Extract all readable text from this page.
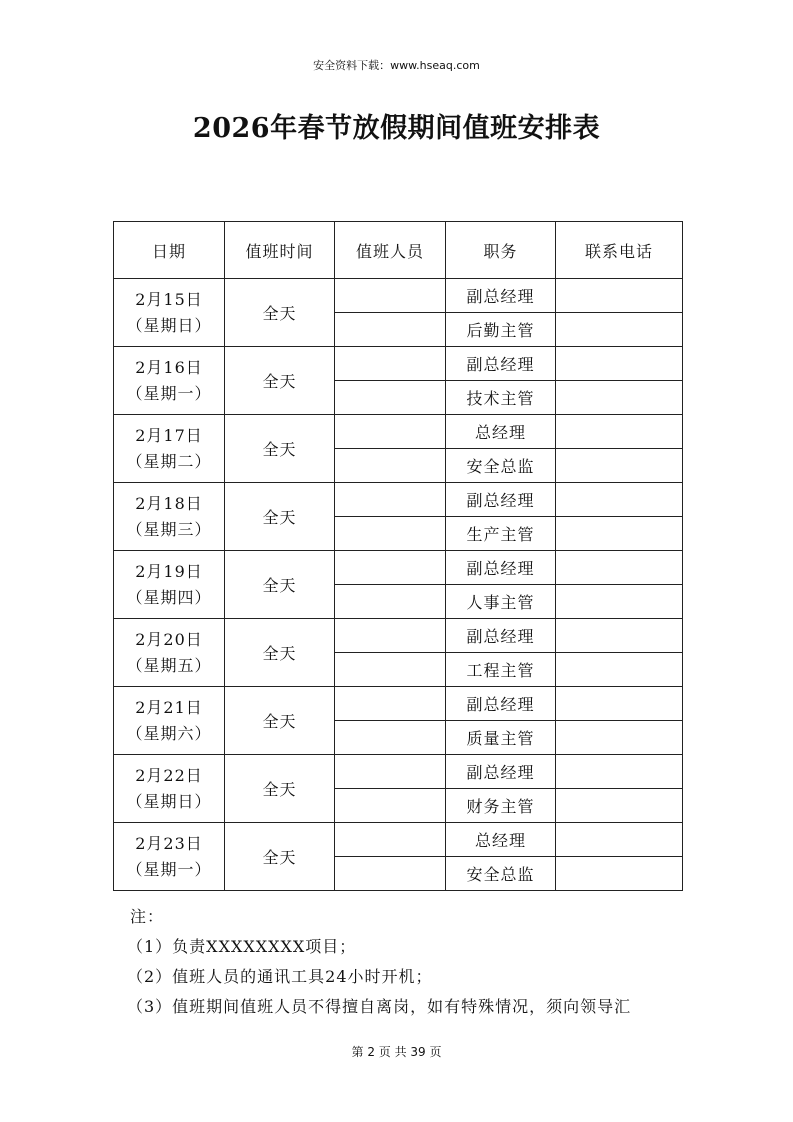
安全资料下载：www.hseaq.com
2026年春节放假期间值班安排表
日期	值班时间	值班人员	职务	联系电话

2月15日
（星期日）	全天		副总经理	
			后勤主管	

2月16日
（星期一）	全天		副总经理	
			技术主管	

2月17日
（星期二）	全天		总经理	
			安全总监	

2月18日
（星期三）	全天		副总经理	
			生产主管	

2月19日
（星期四）	全天		副总经理	
			人事主管	

2月20日
（星期五）	全天		副总经理	
			工程主管	

2月21日
（星期六）	全天		副总经理	
			质量主管	

2月22日
（星期日）	全天		副总经理	
			财务主管	

2月23日
（星期一）	全天		总经理	
			安全总监	
注：
（1）负责XXXXXXXX项目；
（2）值班人员的通讯工具24小时开机；
（3）值班期间值班人员不得擅自离岗，如有特殊情况，须向领导汇
第 2 页 共 39 页
